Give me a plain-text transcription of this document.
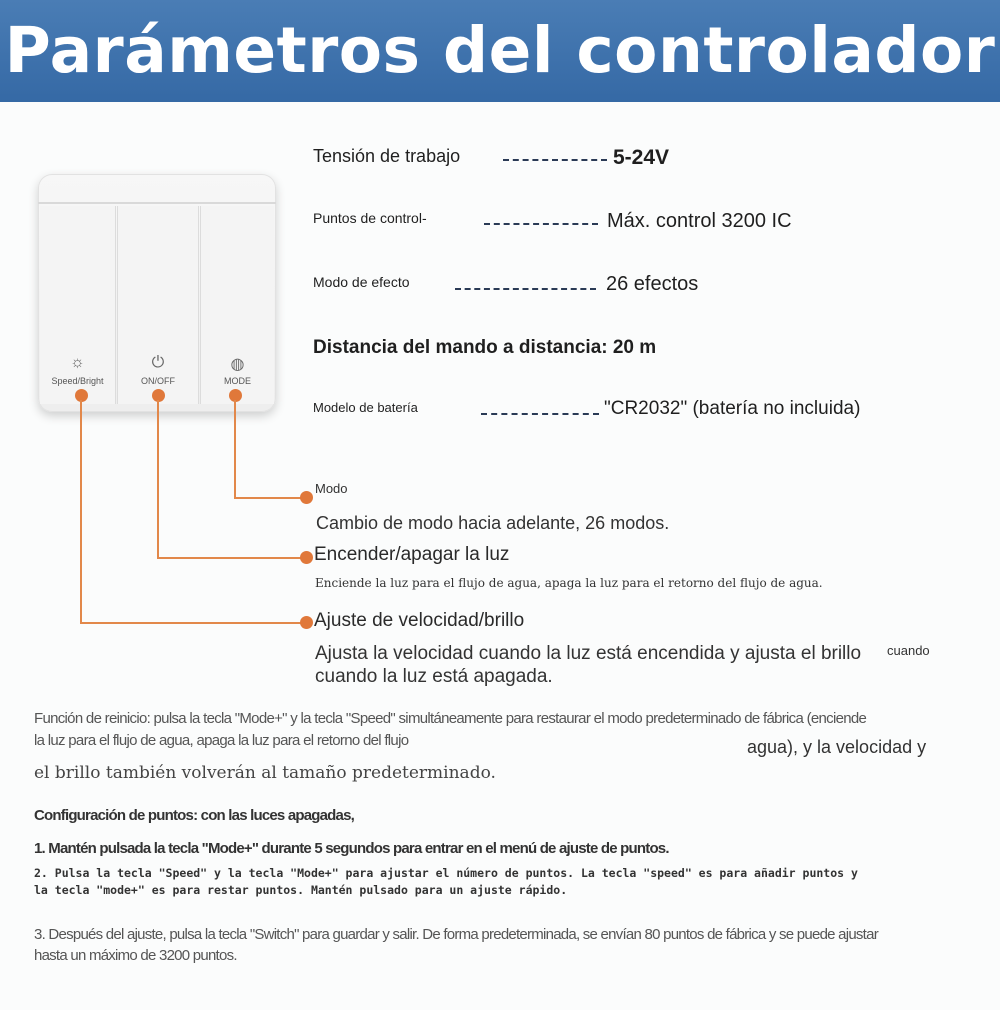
Parámetros del controlador
Tensión de trabajo	5-24V
Puntos de control-	Máx. control 3200 IC
Modo de efecto	26 efectos
Distancia del mando a distancia: 20 m
Modelo de batería	"CR2032" (batería no incluida)
☼
Speed/Bright
⏻
ON/OFF
◍
MODE
Modo
Cambio de modo hacia adelante, 26 modos.
Encender/apagar la luz
Enciende la luz para el flujo de agua, apaga la luz para el retorno del flujo de agua.
Ajuste de velocidad/brillo
Ajusta la velocidad cuando la luz está encendida y ajusta el brillo cuando
cuando la luz está apagada.
Función de reinicio: pulsa la tecla "Mode+" y la tecla "Speed" simultáneamente para restaurar el modo predeterminado de fábrica (enciende
la luz para el flujo de agua, apaga la luz para el retorno del flujo	agua), y la velocidad y
el brillo también volverán al tamaño predeterminado.
Configuración de puntos: con las luces apagadas,
1. Mantén pulsada la tecla "Mode+" durante 5 segundos para entrar en el menú de ajuste de puntos.
2. Pulsa la tecla "Speed" y la tecla "Mode+" para ajustar el número de puntos. La tecla "speed" es para añadir puntos y
la tecla "mode+" es para restar puntos. Mantén pulsado para un ajuste rápido.
3. Después del ajuste, pulsa la tecla "Switch" para guardar y salir. De forma predeterminada, se envían 80 puntos de fábrica y se puede ajustar
hasta un máximo de 3200 puntos.
